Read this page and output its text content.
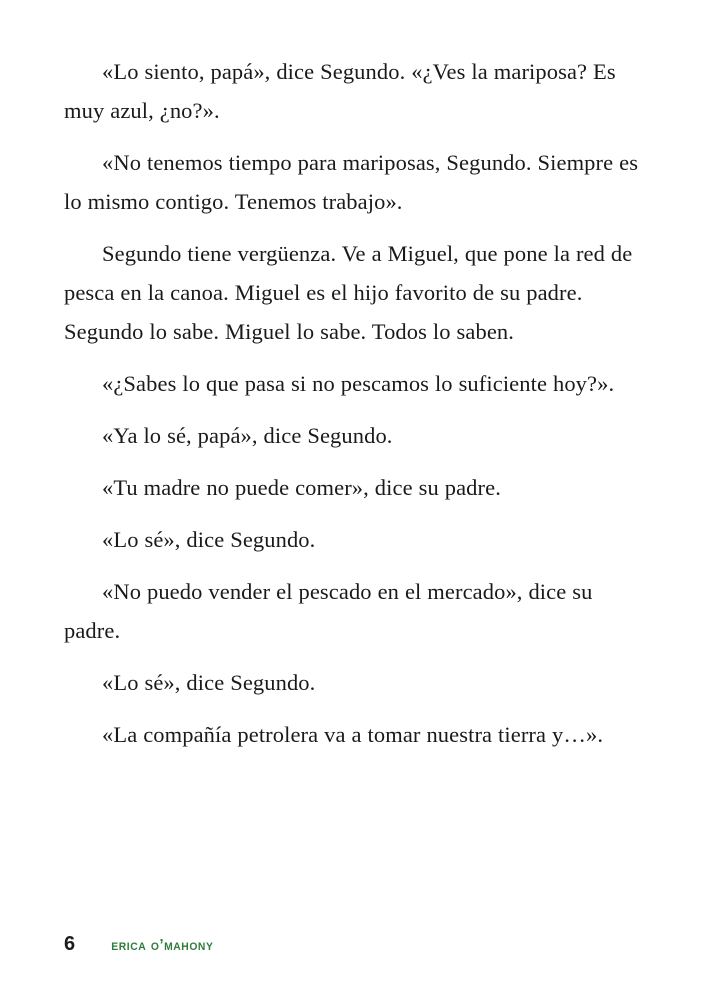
«Lo siento, papá», dice Segundo. «¿Ves la mariposa? Es muy azul, ¿no?».

«No tenemos tiempo para mariposas, Segundo. Siempre es lo mismo contigo. Tenemos trabajo».

Segundo tiene vergüenza. Ve a Miguel, que pone la red de pesca en la canoa. Miguel es el hijo favorito de su padre. Segundo lo sabe. Miguel lo sabe. Todos lo saben.

«¿Sabes lo que pasa si no pescamos lo suficiente hoy?».

«Ya lo sé, papá», dice Segundo.

«Tu madre no puede comer», dice su padre.

«Lo sé», dice Segundo.

«No puedo vender el pescado en el mercado», dice su padre.

«Lo sé», dice Segundo.

«La compañía petrolera va a tomar nuestra tierra y…».

6	erica o’mahony
